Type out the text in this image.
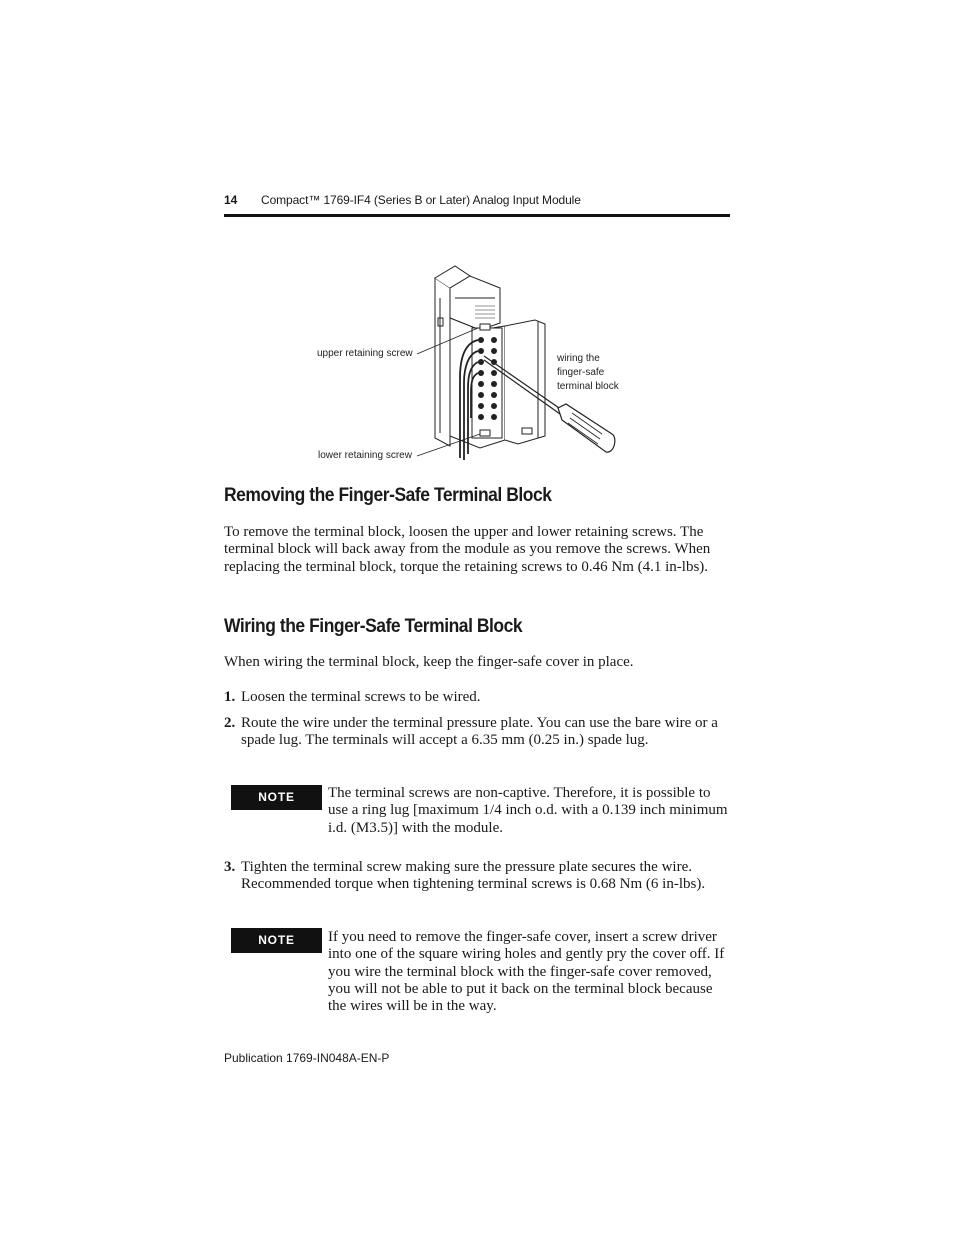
14 Compact™ 1769-IF4 (Series B or Later) Analog Input Module
upper retaining screw
lower retaining screw
wiring the
finger-safe
terminal block
Removing the Finger-Safe Terminal Block
To remove the terminal block, loosen the upper and lower retaining screws. The terminal block will back away from the module as you remove the screws. When replacing the terminal block, torque the retaining screws to 0.46 Nm (4.1 in-lbs).
Wiring the Finger-Safe Terminal Block
When wiring the terminal block, keep the finger-safe cover in place.
1. Loosen the terminal screws to be wired.
2. Route the wire under the terminal pressure plate. You can use the bare wire or a spade lug. The terminals will accept a 6.35 mm (0.25 in.) spade lug.
NOTE	The terminal screws are non-captive. Therefore, it is possible to use a ring lug [maximum 1/4 inch o.d. with a 0.139 inch minimum i.d. (M3.5)] with the module.
3. Tighten the terminal screw making sure the pressure plate secures the wire. Recommended torque when tightening terminal screws is 0.68 Nm (6 in-lbs).
NOTE	If you need to remove the finger-safe cover, insert a screw driver into one of the square wiring holes and gently pry the cover off. If you wire the terminal block with the finger-safe cover removed, you will not be able to put it back on the terminal block because the wires will be in the way.
Publication 1769-IN048A-EN-P
